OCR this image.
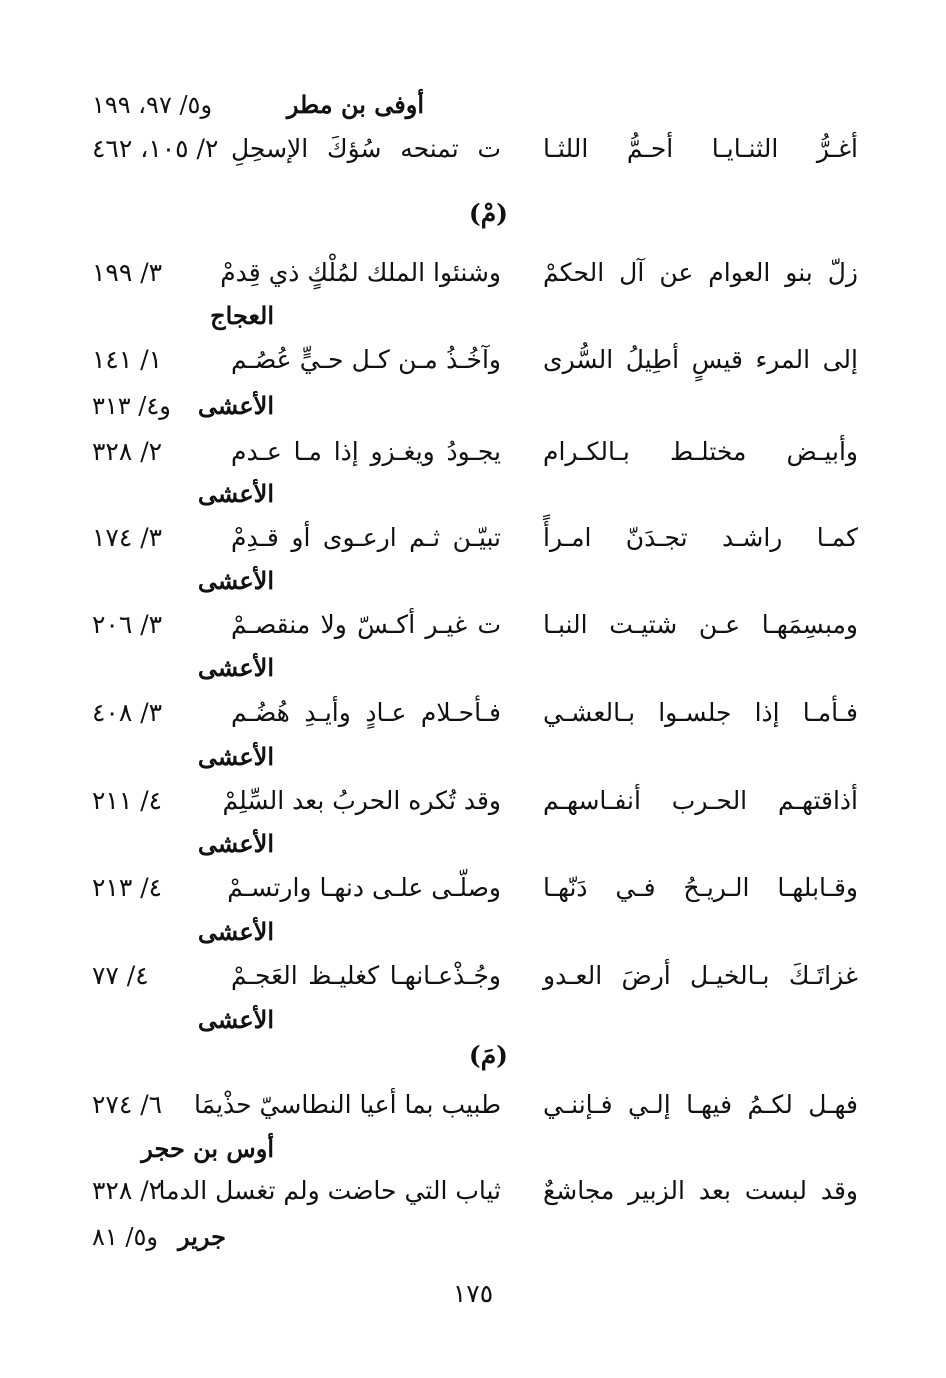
أوفى بن مطر
و٥/ ٩٧، ١٩٩
أغـرُّ الثنـايـا أحـمُّ اللثـا
ت تمنحه سُؤكَ الإسحِلِ
٢/ ١٠٥، ٤٦٢
(مْ)
زلّ بنو العوام عن آل الحكمْ
وشنئوا الملك لمُلْكٍ ذي قِدمْ
٣/ ١٩٩
العجاج
إلى المرء قيسٍ أطِيلُ السُّرى
وآخُـذُ مـن كـل حـيٍّ عُصُـم
١/ ١٤١
الأعشى
و٤/ ٣١٣
وأبيـض مختلـط بـالكـرام
يجـودُ ويغـزو إذا مـا عـدم
٢/ ٣٢٨
الأعشى
كمـا راشـد تجـدَنّ امـرأً
تبيّـن ثـم ارعـوى أو قـدِمْ
٣/ ١٧٤
الأعشى
ومبسِمَهـا عـن شتيـت النبـا
ت غيـر أكـسّ ولا منقصـمْ
٣/ ٢٠٦
الأعشى
فـأمـا إذا جلسـوا بـالعشـي
فـأحـلام عـادٍ وأيـدِ هُضُـم
٣/ ٤٠٨
الأعشى
أذاقتهـم الحـرب أنفـاسهـم
وقد تُكره الحربُ بعد السِّلِمْ
٤/ ٢١١
الأعشى
وقـابلهـا الـريـحُ فـي دَنّهـا
وصلّـى علـى دنهـا وارتسـمْ
٤/ ٢١٣
الأعشى
غزاتَـكَ بـالخيـل أرضَ العـدو
وجُـذْعـانهـا كغليـظ العَجـمْ
٤/ ٧٧
الأعشى
(مَ)
فهـل لكـمُ فيهـا إلـي فـإننـي
طبيب بما أعيا النطاسيّ حذْيمَا
٦/ ٢٧٤
أوس بن حجر
وقد لبست بعد الزبير مجاشعٌ
ثياب التي حاضت ولم تغسل الدما
٢/ ٣٢٨
جرير
و٥/ ٨١
١٧٥
